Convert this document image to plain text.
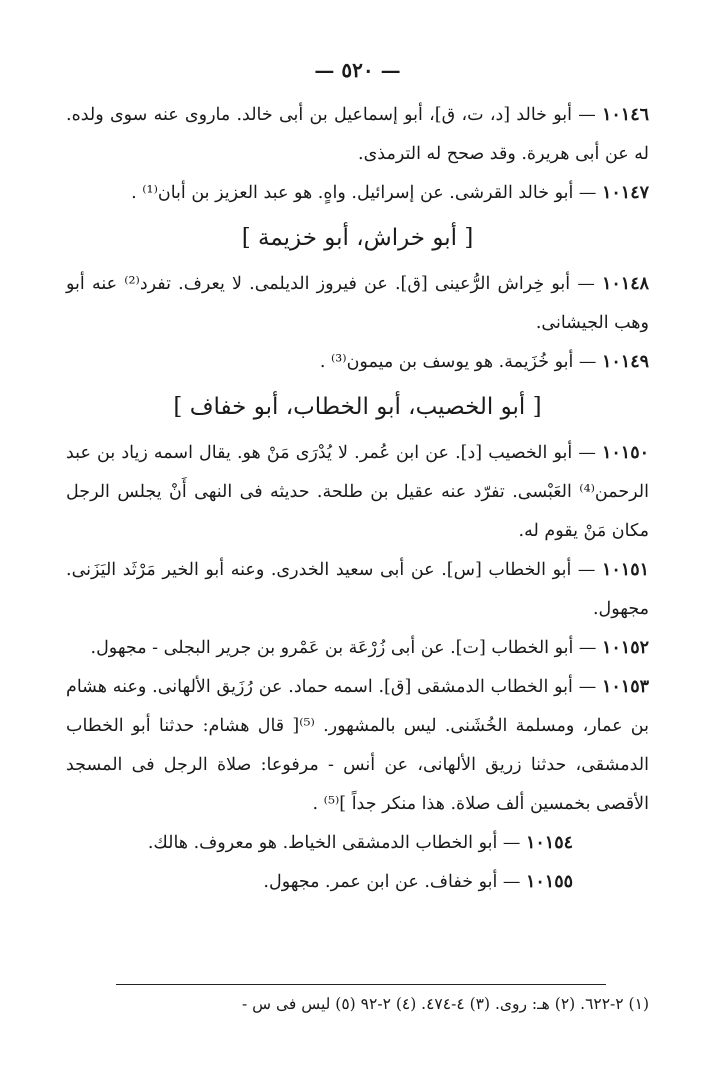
— ٥٢٠ —

١٠١٤٦ — أبو خالد [د، ت، ق]، أبو إسماعيل بن أبى خالد. ماروى عنه سوى ولده. له عن أبى هريرة. وقد صحح له الترمذى.

١٠١٤٧ — أبو خالد القرشى. عن إسرائيل. واهٍ. هو عبد العزيز بن أبان⁽¹⁾ .

[ أبو خراش، أبو خزيمة ]

١٠١٤٨ — أبو خِراش الرُّعينى [ق]. عن فيروز الديلمى. لا يعرف. تفرد⁽²⁾ عنه أبو وهب الجيشانى.

١٠١٤٩ — أبو خُزَيمة. هو يوسف بن ميمون⁽³⁾ .

[ أبو الخصيب، أبو الخطاب، أبو خفاف ]

١٠١٥٠ — أبو الخصيب [د]. عن ابن عُمر. لا يُدْرَى مَنْ هو. يقال اسمه زياد بن عبد الرحمن⁽⁴⁾ العَبْسى. تفرّد عنه عقيل بن طلحة. حديثه فى النهى أَنْ يجلس الرجل مكان مَنْ يقوم له.

١٠١٥١ — أبو الخطاب [س]. عن أبى سعيد الخدرى. وعنه أبو الخير مَرْثَد اليَزَنى. مجهول.

١٠١٥٢ — أبو الخطاب [ت]. عن أبى زُرْعَة بن عَمْرو بن جرير البجلى - مجهول.

١٠١٥٣ — أبو الخطاب الدمشقى [ق]. اسمه حماد. عن رُزَيق الألهانى. وعنه هشام بن عمار، ومسلمة الخُشَنى. ليس بالمشهور. ⁽⁵⁾[ قال هشام: حدثنا أبو الخطاب الدمشقى، حدثنا زريق الألهانى، عن أنس - مرفوعا: صلاة الرجل فى المسجد الأقصى بخمسين ألف صلاة. هذا منكر جداً ]⁽⁵⁾ .

١٠١٥٤ — أبو الخطاب الدمشقى الخياط. هو معروف. هالك.

١٠١٥٥ — أبو خفاف. عن ابن عمر. مجهول.

(١) ٢-٦٢٢. (٢) هـ: روى. (٣) ٤-٤٧٤. (٤) ٢-٩٢ (٥) ليس فى س -
